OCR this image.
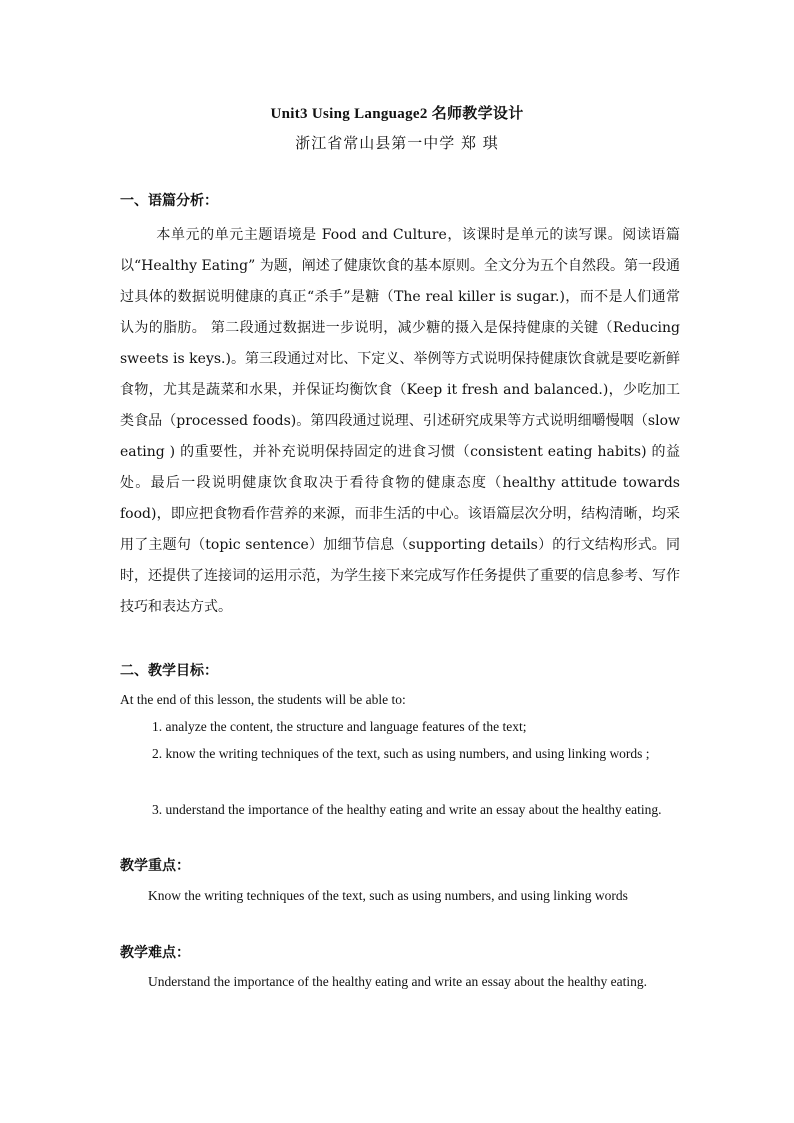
Unit3 Using Language2 名师教学设计
浙江省常山县第一中学 郑 琪
一、语篇分析：
本单元的单元主题语境是 Food and Culture，该课时是单元的读写课。阅读语篇以“Healthy Eating” 为题，阐述了健康饮食的基本原则。全文分为五个自然段。第一段通过具体的数据说明健康的真正“杀手”是糖（The real killer is sugar.)，而不是人们通常认为的脂肪。 第二段通过数据进一步说明，减少糖的摄入是保持健康的关键（Reducing sweets is keys.)。第三段通过对比、下定义、举例等方式说明保持健康饮食就是要吃新鲜食物，尤其是蔬菜和水果，并保证均衡饮食（Keep it fresh and balanced.)，少吃加工类食品（processed foods)。第四段通过说理、引述研究成果等方式说明细嚼慢咽（slow eating ) 的重要性，并补充说明保持固定的进食习惯（consistent eating habits) 的益处。最后一段说明健康饮食取决于看待食物的健康态度（healthy attitude towards food)，即应把食物看作营养的来源，而非生活的中心。该语篇层次分明，结构清晰，均采用了主题句（topic sentence）加细节信息（supporting details）的行文结构形式。同时，还提供了连接词的运用示范，为学生接下来完成写作任务提供了重要的信息参考、写作技巧和表达方式。
二、教学目标：
At the end of this lesson, the students will be able to:
1. analyze the content, the structure and language features of the text;
2. know the writing techniques of the text, such as using numbers, and using linking words ;
3. understand the importance of the healthy eating and write an essay about the healthy eating.
教学重点：
Know the writing techniques of the text, such as using numbers, and using linking words
教学难点：
Understand the importance of the healthy eating and write an essay about the healthy eating.
